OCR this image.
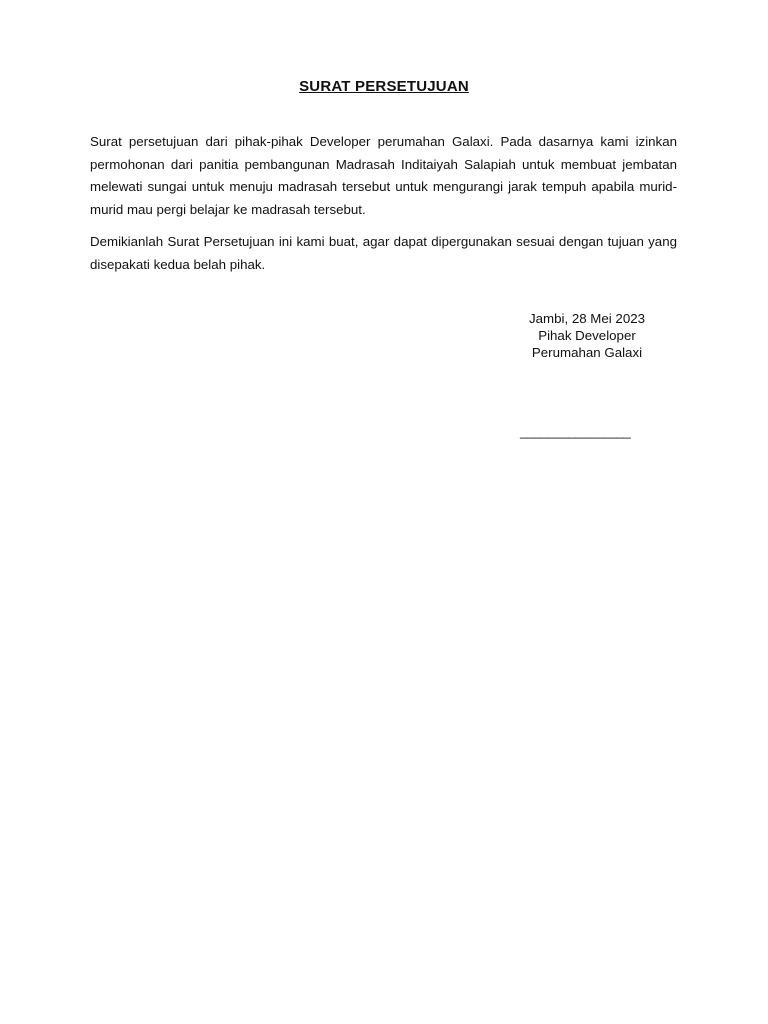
SURAT PERSETUJUAN

Surat persetujuan dari pihak-pihak Developer perumahan Galaxi. Pada dasarnya kami izinkan permohonan dari panitia pembangunan Madrasah Inditaiyah Salapiah untuk membuat jembatan melewati sungai untuk menuju madrasah tersebut untuk mengurangi jarak tempuh apabila murid-murid mau pergi belajar ke madrasah tersebut.

Demikianlah Surat Persetujuan ini kami buat, agar dapat dipergunakan sesuai dengan tujuan yang disepakati kedua belah pihak.

Jambi, 28 Mei 2023
Pihak Developer
Perumahan Galaxi
________________
